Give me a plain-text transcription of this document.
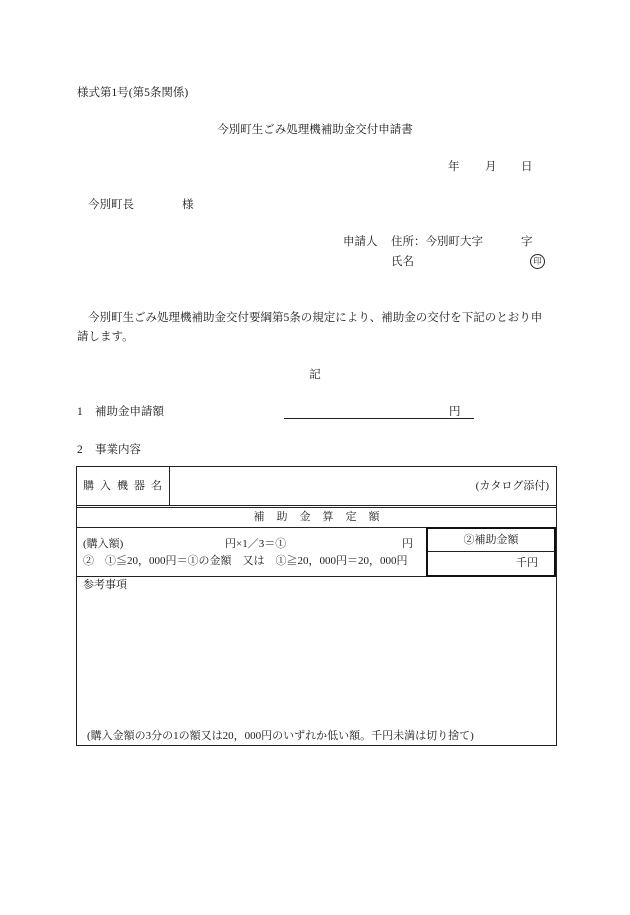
様式第1号(第5条関係)
今別町生ごみ処理機補助金交付申請書
年 月 日
今別町長	様
申請人 住所：今別町大字	字
氏名	印
今別町生ごみ処理機補助金交付要綱第5条の規定により、補助金の交付を下記のとおり申
請します。
記
1 補助金申請額	円
2 事業内容
購入機器名	(カタログ添付)
補助金算定額
(購入額)	円×1／3＝①	円
②　①≦20，000円＝①の金額　又は　①≧20，000円＝20，000円
②補助金額
千円
参考事項
(購入金額の3分の1の額又は20，000円のいずれか低い額。千円未満は切り捨て)
